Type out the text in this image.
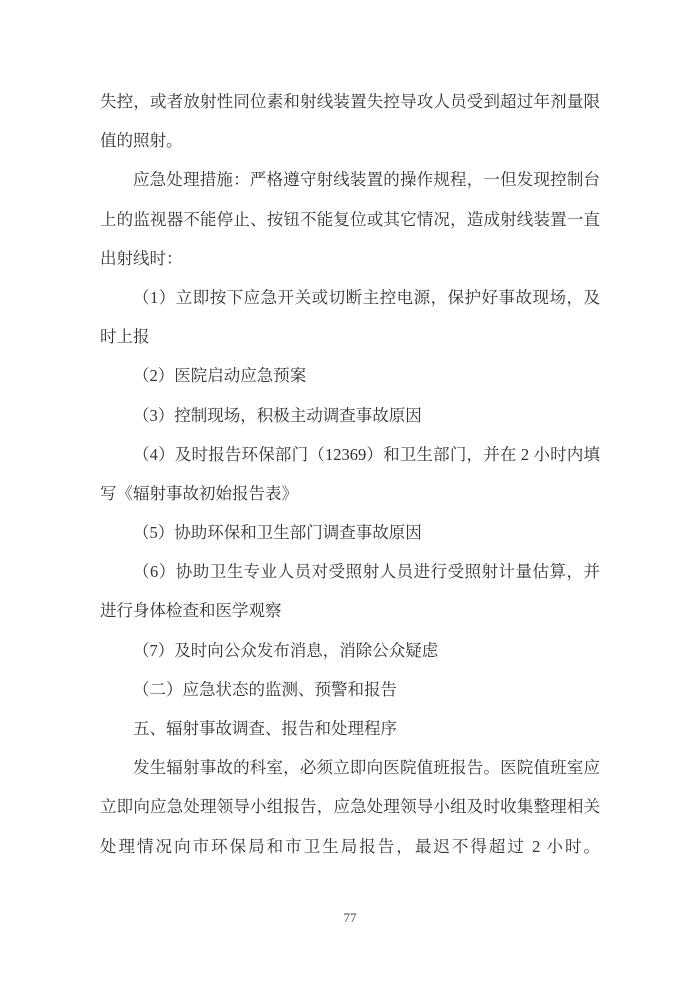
失控，或者放射性同位素和射线装置失控导攻人员受到超过年剂量限
值的照射。
应急处理措施：严格遵守射线装置的操作规程，一但发现控制台
上的监视器不能停止、按钮不能复位或其它情况，造成射线装置一直
出射线时：
（1）立即按下应急开关或切断主控电源，保护好事故现场，及
时上报
（2）医院启动应急预案
（3）控制现场，积极主动调查事故原因
（4）及时报告环保部门（12369）和卫生部门，并在 2 小时内填
写《辐射事故初始报告表》
（5）协助环保和卫生部门调查事故原因
（6）协助卫生专业人员对受照射人员进行受照射计量估算，并
进行身体检查和医学观察
（7）及时向公众发布消息，消除公众疑虑
（二）应急状态的监测、预警和报告
五、辐射事故调查、报告和处理程序
发生辐射事故的科室，必须立即向医院值班报告。医院值班室应
立即向应急处理领导小组报告，应急处理领导小组及时收集整理相关
处理情况向市环保局和市卫生局报告，最迟不得超过 2 小时。
77
